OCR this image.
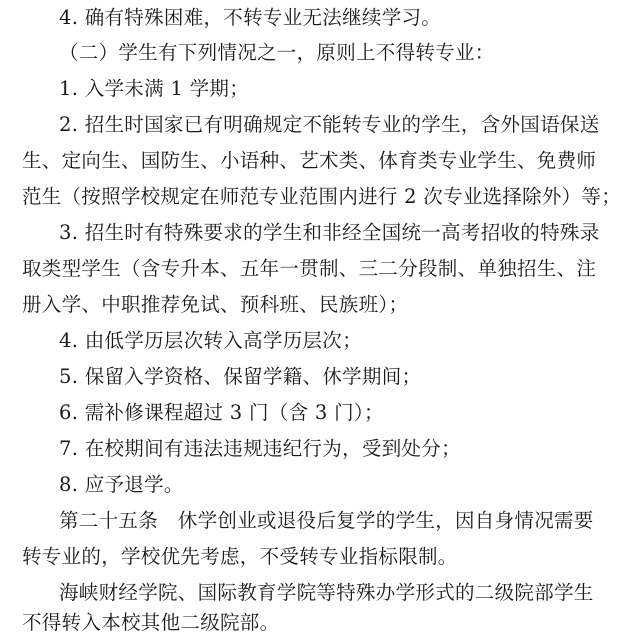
4. 确有特殊困难，不转专业无法继续学习。
（二）学生有下列情况之一，原则上不得转专业：
1. 入学未满 1 学期；
2. 招生时国家已有明确规定不能转专业的学生，含外国语保送
生、定向生、国防生、小语种、艺术类、体育类专业学生、免费师
范生（按照学校规定在师范专业范围内进行 2 次专业选择除外）等；
3. 招生时有特殊要求的学生和非经全国统一高考招收的特殊录
取类型学生（含专升本、五年一贯制、三二分段制、单独招生、注
册入学、中职推荐免试、预科班、民族班）；
4. 由低学历层次转入高学历层次；
5. 保留入学资格、保留学籍、休学期间；
6. 需补修课程超过 3 门（含 3 门）；
7. 在校期间有违法违规违纪行为，受到处分；
8. 应予退学。
第二十五条　休学创业或退役后复学的学生，因自身情况需要
转专业的，学校优先考虑，不受转专业指标限制。
海峡财经学院、国际教育学院等特殊办学形式的二级院部学生
不得转入本校其他二级院部。
